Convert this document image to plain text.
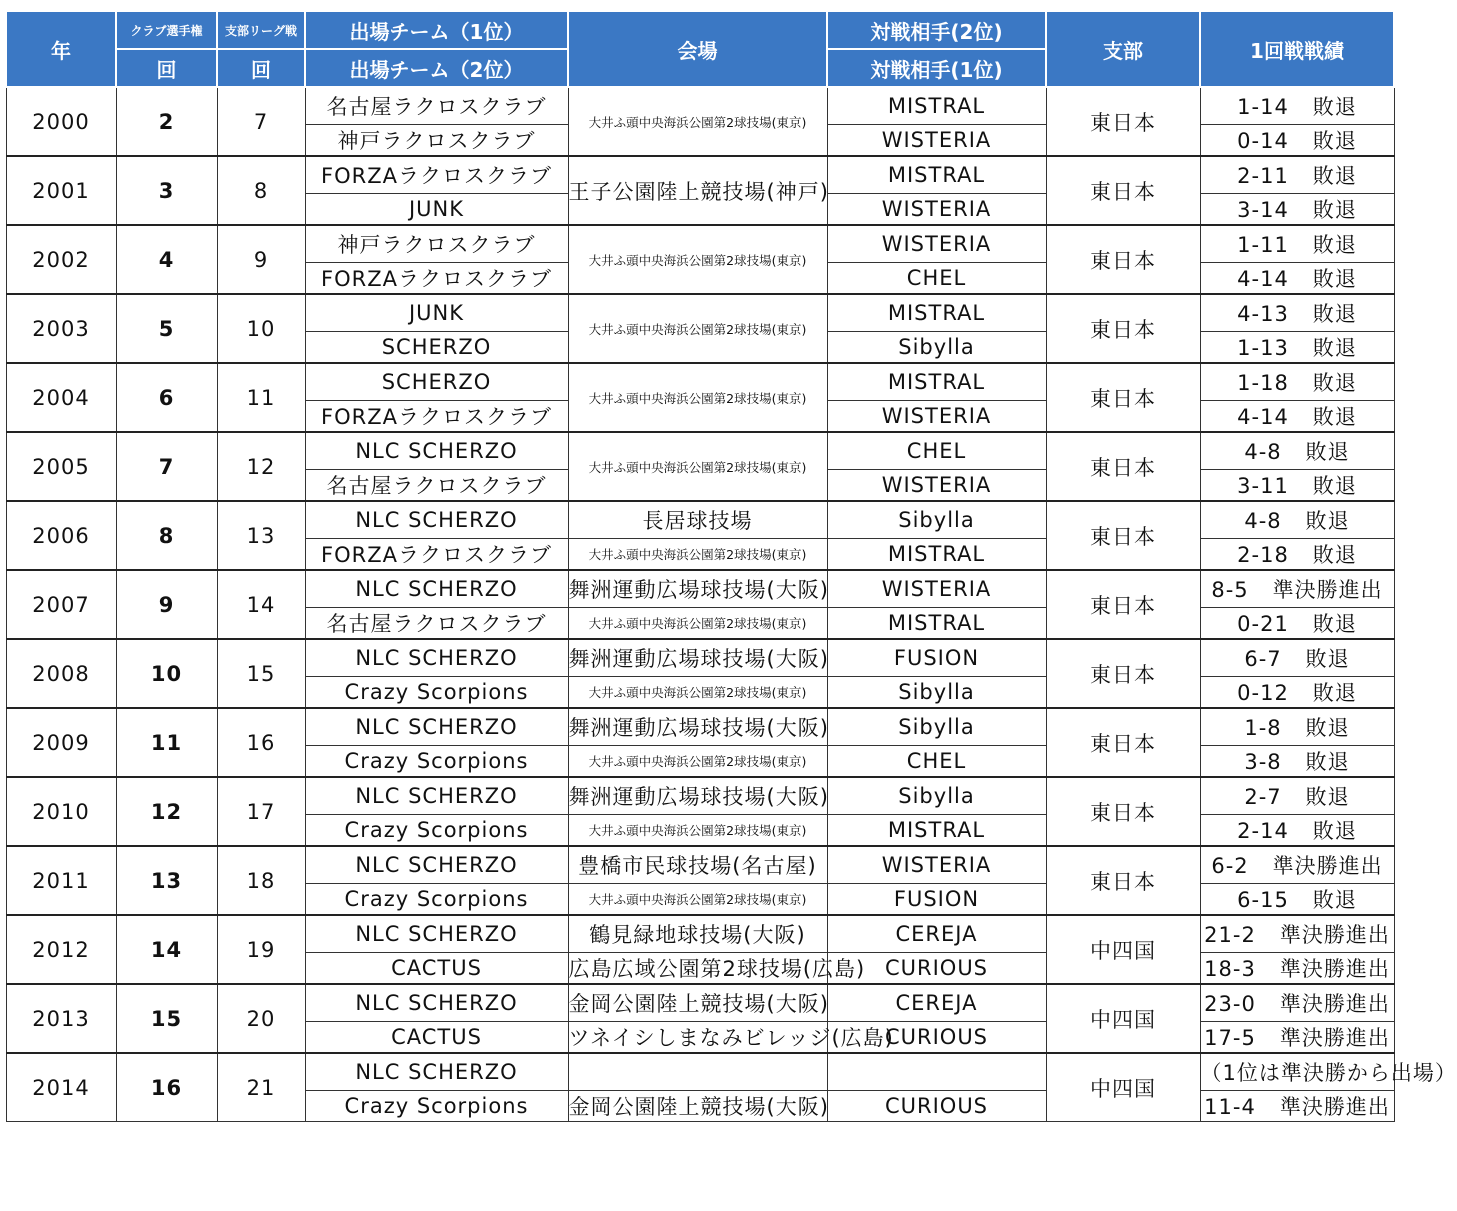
年	クラブ選手権	支部リーグ戦	出場チーム（1位）	会場	対戦相手(2位)	支部	1回戦戦績
	回	回	出場チーム（2位）		対戦相手(1位)		
2000	2	7	名古屋ラクロスクラブ	大井ふ頭中央海浜公園第2球技場(東京)	MISTRAL	東日本	1-14 敗退
			神戸ラクロスクラブ		WISTERIA		0-14 敗退
2001	3	8	FORZAラクロスクラブ	王子公園陸上競技場(神戸)	MISTRAL	東日本	2-11 敗退
			JUNK		WISTERIA		3-14 敗退
2002	4	9	神戸ラクロスクラブ	大井ふ頭中央海浜公園第2球技場(東京)	WISTERIA	東日本	1-11 敗退
			FORZAラクロスクラブ		CHEL		4-14 敗退
2003	5	10	JUNK	大井ふ頭中央海浜公園第2球技場(東京)	MISTRAL	東日本	4-13 敗退
			SCHERZO		Sibylla		1-13 敗退
2004	6	11	SCHERZO	大井ふ頭中央海浜公園第2球技場(東京)	MISTRAL	東日本	1-18 敗退
			FORZAラクロスクラブ		WISTERIA		4-14 敗退
2005	7	12	NLC SCHERZO	大井ふ頭中央海浜公園第2球技場(東京)	CHEL	東日本	4-8 敗退
			名古屋ラクロスクラブ		WISTERIA		3-11 敗退
2006	8	13	NLC SCHERZO	長居球技場	Sibylla	東日本	4-8 敗退
			FORZAラクロスクラブ	大井ふ頭中央海浜公園第2球技場(東京)	MISTRAL		2-18 敗退
2007	9	14	NLC SCHERZO	舞洲運動広場球技場(大阪)	WISTERIA	東日本	8-5 準決勝進出
			名古屋ラクロスクラブ	大井ふ頭中央海浜公園第2球技場(東京)	MISTRAL		0-21 敗退
2008	10	15	NLC SCHERZO	舞洲運動広場球技場(大阪)	FUSION	東日本	6-7 敗退
			Crazy Scorpions	大井ふ頭中央海浜公園第2球技場(東京)	Sibylla		0-12 敗退
2009	11	16	NLC SCHERZO	舞洲運動広場球技場(大阪)	Sibylla	東日本	1-8 敗退
			Crazy Scorpions	大井ふ頭中央海浜公園第2球技場(東京)	CHEL		3-8 敗退
2010	12	17	NLC SCHERZO	舞洲運動広場球技場(大阪)	Sibylla	東日本	2-7 敗退
			Crazy Scorpions	大井ふ頭中央海浜公園第2球技場(東京)	MISTRAL		2-14 敗退
2011	13	18	NLC SCHERZO	豊橋市民球技場(名古屋)	WISTERIA	東日本	6-2 準決勝進出
			Crazy Scorpions	大井ふ頭中央海浜公園第2球技場(東京)	FUSION		6-15 敗退
2012	14	19	NLC SCHERZO	鶴見緑地球技場(大阪)	CEREJA	中四国	21-2 準決勝進出
			CACTUS	広島広域公園第2球技場(広島)	CURIOUS		18-3 準決勝進出
2013	15	20	NLC SCHERZO	金岡公園陸上競技場(大阪)	CEREJA	中四国	23-0 準決勝進出
			CACTUS	ツネイシしまなみビレッジ(広島)	CURIOUS		17-5 準決勝進出
2014	16	21	NLC SCHERZO			中四国	（1位は準決勝から出場）
			Crazy Scorpions	金岡公園陸上競技場(大阪)	CURIOUS		11-4 準決勝進出
